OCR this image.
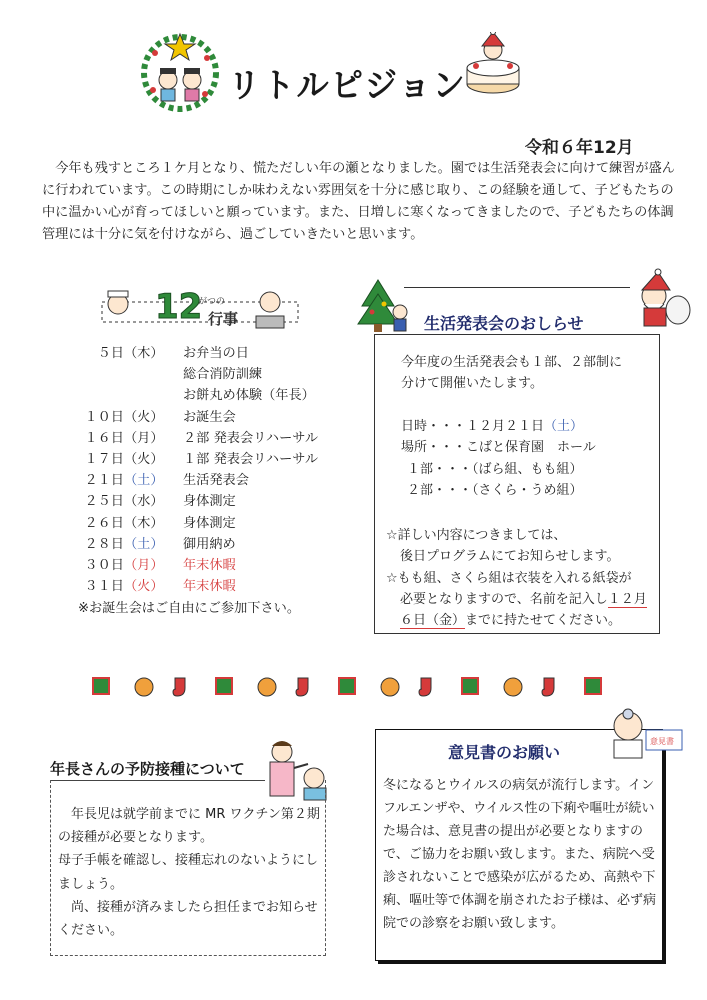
リトルピジョン
令和６年12月

今年も残すところ１ケ月となり、慌ただしい年の瀬となりました。園では生活発表会に向けて練習が盛んに行われています。この時期にしか味わえない雰囲気を十分に感じ取り、この経験を通して、子どもたちの中に温かい心が育ってほしいと願っています。また、日増しに寒くなってきましたので、子どもたちの体調管理には十分に気を付けながら、過ごしていきたいと思います。

12
がつの
行事
５日（木） お弁当の日
総合消防訓練
お餅丸め体験（年長）
１０日（火） お誕生会
１６日（月） ２部 発表会リハーサル
１７日（火） １部 発表会リハーサル
２１日（土） 生活発表会
２５日（水） 身体測定
２６日（木） 身体測定
２８日（土） 御用納め
３０日（月） 年末休暇
３１日（火） 年末休暇
※お誕生会はご自由にご参加下さい。
生活発表会のおしらせ
今年度の生活発表会も１部、２部制に
分けて開催いたします。
日時・・・１２月２１日（土）
場所・・・こばと保育園　ホール
１部・・・（ばら組、もも組）
２部・・・（さくら・うめ組）
☆詳しい内容につきましては、
後日プログラムにてお知らせします。
☆もも組、さくら組は衣装を入れる紙袋が
必要となりますので、名前を記入し１２月
６日（金）までに持たせてください。
年長さんの予防接種について

年長児は就学前までに MR ワクチン第２期の接種が必要となります。

母子手帳を確認し、接種忘れのないようにしましょう。

尚、接種が済みましたら担任までお知らせください。

意見書のお願い
意見書

冬になるとウイルスの病気が流行します。インフルエンザや、ウイルス性の下痢や嘔吐が続いた場合は、意見書の提出が必要となりますので、ご協力をお願い致します。また、病院へ受診されないことで感染が広がるため、高熱や下痢、嘔吐等で体調を崩されたお子様は、必ず病院での診察をお願い致します。
